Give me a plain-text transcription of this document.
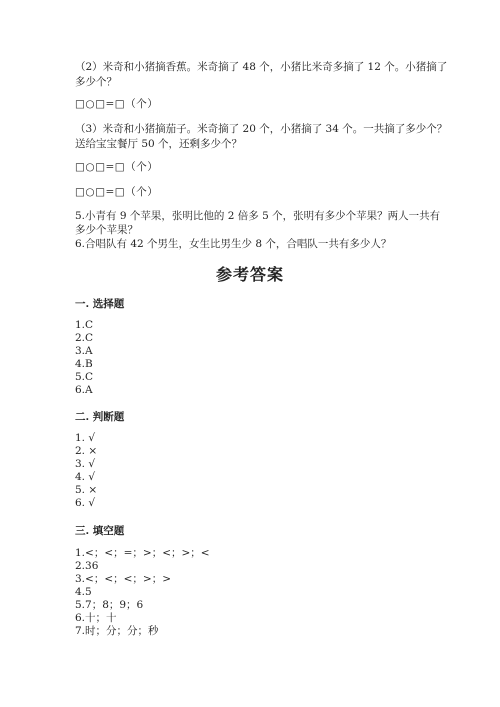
（2）米奇和小猪摘香蕉。米奇摘了 48 个，小猪比米奇多摘了 12 个。小猪摘了
多少个？
□○□=□（个）
（3）米奇和小猪摘茄子。米奇摘了 20 个，小猪摘了 34 个。一共摘了多少个？
送给宝宝餐厅 50 个，还剩多少个？
□○□=□（个）
□○□=□（个）
5.小青有 9 个苹果，张明比他的 2 倍多 5 个，张明有多少个苹果？两人一共有
多少个苹果？
6.合唱队有 42 个男生，女生比男生少 8 个，合唱队一共有多少人？
参考答案
一. 选择题
1.C
2.C
3.A
4.B
5.C
6.A
二. 判断题
1. √
2. ×
3. √
4. √
5. ×
6. √
三. 填空题
1.<；<；=；>；<；>；<
2.36
3.<；<；<；>；>
4.5
5.7；8；9；6
6.十；十
7.时；分；分；秒
